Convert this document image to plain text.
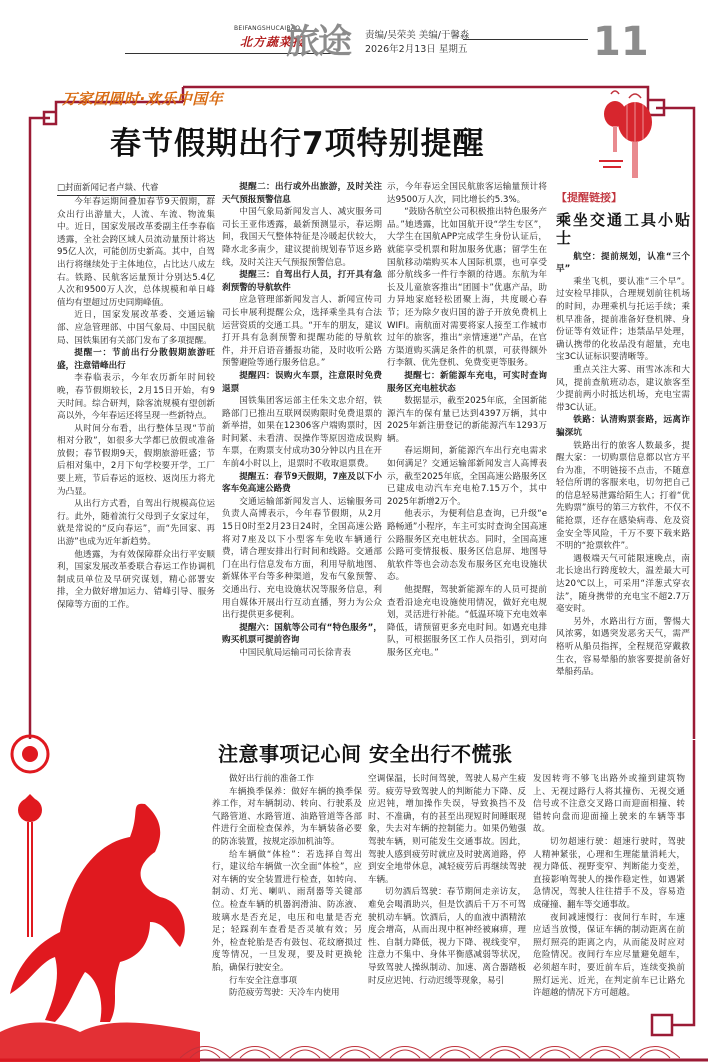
BEIFANGSHUCAIBAO
北方蔬菜报
旅途 责编/吴荣美 美编/于馨淼
2026年2月13日 星期五	11
万家团圆时·欢乐中国年
春节假期出行7项特别提醒
□封面新闻记者卢燚、代睿

今年春运期间叠加春节9天假期，群众出行出游量大，人流、车流、物流集中。近日，国家发展改革委副主任李春临透露，全社会跨区域人员流动量预计将达95亿人次，可能创历史新高。其中，自驾出行将继续处于主体地位，占比达八成左右。铁路、民航客运量预计分别达5.4亿人次和9500万人次，总体规模和单日峰值均有望超过历史同期峰值。

近日，国家发展改革委、交通运输部、应急管理部、中国气象局、中国民航局、国铁集团有关部门发布了多项提醒。

提醒一：节前出行分散假期旅游旺盛，注意错峰出行

李春临表示，今年农历新年时间较晚，春节假期较长，2月15日开始，有9天时间。综合研判，除客流规模有望创新高以外，今年春运还将呈现一些新特点。

从时间分布看，出行整体呈现“节前相对分散”，如很多大学都已放假或准备放假；春节假期9天，假期旅游旺盛；节后相对集中，2月下旬学校要开学，工厂要上班，节后春运的返校、返岗压力将尤为凸显。

从出行方式看，自驾出行规模高位运行。此外，随着流行父母到子女家过年，就是常说的“反向春运”，而“先回家、再出游”也成为近年新趋势。

他透露，为有效保障群众出行平安顺利，国家发展改革委联合春运工作协调机制成员单位及早研究谋划，精心部署安排，全力做好增加运力、错峰引导、服务保障等方面的工作。

提醒二：出行或外出旅游，及时关注天气预报预警信息

中国气象局新闻发言人、减灾服务司司长王亚伟透露，最新预测显示，春运期间，我国天气整体特征是冷暖起伏较大，降水北多南少，建议提前规划春节返乡路线，及时关注天气预报预警信息。

提醒三：自驾出行人员，打开具有急刹预警的导航软件

应急管理部新闻发言人、新闻宣传司司长申展利提醒公众，选择乘坐具有合法运营资质的交通工具。“开车的朋友，建议打开具有急刹预警和提醒功能的导航软件，并开启语音播报功能，及时收听公路预警避险等通行服务信息。”

提醒四：误购火车票，注意限时免费退票

国铁集团客运部主任朱文忠介绍，铁路部门已推出互联网误购限时免费退票的新举措，如果在12306客户端购票时，因时间紧、未看清、误操作等原因造成误购车票，在购票支付成功30分钟以内且在开车前4小时以上，退票时不收取退票费。

提醒五：春节9天假期，7座及以下小客车免高速公路费

交通运输部新闻发言人、运输服务司负责人高博表示，今年春节假期，从2月15日0时至2月23日24时，全国高速公路将对7座及以下小型客车免收车辆通行费，请合理安排出行时间和线路。交通部门在出行信息发布方面，利用导航地图、新媒体平台等多种渠道，发布气象预警、交通出行、充电设施状况等服务信息，利用自媒体开展出行互动直播，努力为公众出行提供更多便利。

提醒六：国航等公司有“特色服务”，购买机票可提前咨询

中国民航局运输司司长徐青表

示，今年春运全国民航旅客运输量预计将达9500万人次，同比增长约5.3%。

“鼓励各航空公司积极推出特色服务产品。”她透露，比如国航开设“学生专区”，大学生在国航APP完成学生身份认证后，就能享受机票和附加服务优惠；留学生在国航移动端购买本人国际机票，也可享受部分航线多一件行李额的待遇。东航为年长及儿童旅客推出“团圆卡”优惠产品，助力异地家庭轻松团聚上海，共度暖心春节；还为除夕夜归国的游子开放免费机上WIFI。南航面对需要将家人接至工作城市过年的旅客，推出“亲情速递”产品，在官方渠道购买满足条件的机票，可获得额外行李额、优先登机、免费变更等服务。

提醒七：新能源车充电，可实时查询服务区充电桩状态

数据显示，截至2025年底，全国新能源汽车的保有量已达到4397万辆，其中2025年新注册登记的新能源汽车1293万辆。

春运期间，新能源汽车出行充电需求如何满足？交通运输部新闻发言人高博表示，截至2025年底，全国高速公路服务区已建成电动汽车充电枪7.15万个，其中2025年新增2万个。

他表示，为便利信息查询，已升级“e路畅通”小程序，车主可实时查询全国高速公路服务区充电桩状态。同时，全国高速公路可变情报板、服务区信息屏、地图导航软件等也会动态发布服务区充电设施状态。

他提醒，驾驶新能源车的人员可提前查看沿途充电设施使用情况，做好充电规划，灵活进行补能。“低温环境下充电效率降低，请预留更多充电时间。如遇充电排队，可根据服务区工作人员指引，到对向服务区充电。”

【提醒链接】
乘坐交通工具小贴士

航空：提前规划，认准“三个早”

乘坐飞机，要认准“三个早”。过安检早排队，合理规划前往机场的时间，办理乘机与托运手续；乘机早准备，提前准备好登机牌、身份证等有效证件；违禁品早处理，确认携带的化妆品没有超量，充电宝3C认证标识要清晰等。

重点关注大雾、雨雪冰冻和大风，提前查航班动态，建议旅客至少提前两小时抵达机场，充电宝需带3C认证。

铁路：认清购票套路，远离诈骗深坑

铁路出行的旅客人数最多，提醒大家：一切购票信息都以官方平台为准，不明链接不点击，不随意轻信所谓的客服来电，切勿把自己的信息轻易泄露给陌生人；打着“优先购票”旗号的第三方软件，不仅不能抢票，还存在感染病毒、危及资金安全等风险，千万不要下载来路不明的“抢票软件”。

遇极端天气可能限速晚点，南北长途出行跨度较大，温差最大可达20℃以上，可采用“洋葱式穿衣法”，随身携带的充电宝不超2.7万毫安时。

另外，水路出行方面，警惕大风浓雾，如遇突发恶劣天气，需严格听从船员指挥，全程规范穿戴救生衣，容易晕船的旅客要提前备好晕船药品。

注意事项记心间 安全出行不慌张

做好出行前的准备工作

车辆换季保养：做好车辆的换季保养工作，对车辆制动、转向、行驶系及气路管道、水路管道、油路管道等各部件进行全面检查保养，为车辆装备必要的防冻装置，按规定添加机油等。

给车辆做“体检”：若选择自驾出行，建议给车辆做一次全面“体检”，应对车辆的安全装置进行检查，如转向、制动、灯光、喇叭、雨刮器等关键部位。检查车辆的机器润滑油、防冻液、玻璃水是否充足，电压和电量是否充足；轻踩刹车查看是否灵敏有效；另外，检查轮胎是否有鼓包、花纹磨损过度等情况，一旦发现，要及时更换轮胎，确保行驶安全。

行车安全注意事项

防范疲劳驾驶：天冷车内使用

空调保温，长时间驾驶，驾驶人易产生疲劳。疲劳导致驾驶人的判断能力下降、反应迟钝，增加操作失误，导致换挡不及时、不准确，有的甚至出现短时间睡眠现象，失去对车辆的控制能力。如果仍勉强驾驶车辆，则可能发生交通事故。因此，驾驶人感到疲劳时就应及时驶离道路，停到安全地带休息，减轻疲劳后再继续驾驶车辆。

切勿酒后驾驶：春节期间走亲访友，难免会喝酒助兴，但是饮酒后千万不可驾驶机动车辆。饮酒后，人的血液中酒精浓度会增高，从而出现中枢神经被麻痹，理性、自制力降低，视力下降、视线变窄，注意力不集中、身体平衡感减弱等状况，导致驾驶人操纵制动、加速、离合器踏板时反应迟钝、行动迟缓等现象，易引

发因转弯不够飞出路外或撞到建筑物上、无视过路行人将其撞伤、无视交通信号或不注意交叉路口而迎面相撞、转错转向盘而迎面撞上驶来的车辆等事故。

切勿超速行驶：超速行驶时，驾驶人精神紧张，心理和生理能量消耗大，视力降低、视野变窄、判断能力变差，直接影响驾驶人的操作稳定性，如遇紧急情况，驾驶人往往措手不及，容易造成碰撞、翻车等交通事故。

夜间减速慢行：夜间行车时，车速应适当放慢，保证车辆的制动距离在前照灯照亮的距离之内，从而能及时应对危险情况。夜间行车应尽量避免超车，必须超车时，要近前车后，连续变换前照灯远光、近光，在判定前车已让路允许超越的情况下方可超越。
